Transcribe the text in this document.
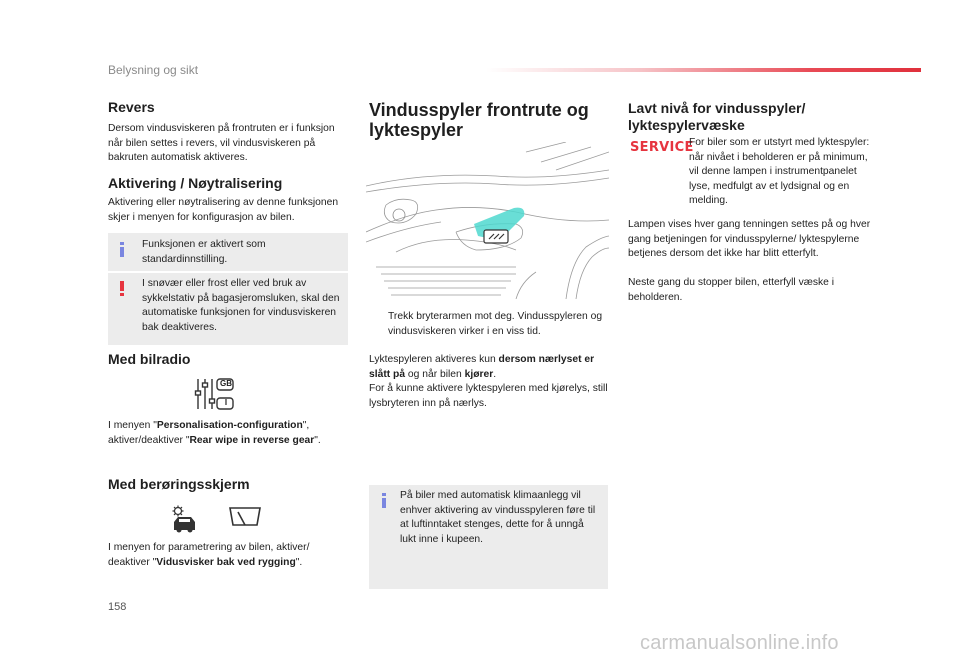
Belysning og sikt
Revers

Dersom vindusviskeren på frontruten er i funksjon når bilen settes i revers, vil vindusviskeren på bakruten automatisk aktiveres.

Aktivering / Nøytralisering

Aktivering eller nøytralisering av denne funksjonen skjer i menyen for konfigurasjon av bilen.

Funksjonen er aktivert som standardinnstilling.

I snøvær eller frost eller ved bruk av sykkelstativ på bagasjeromsluken, skal den automatiske funksjonen for vindusviskeren bak deaktiveres.

Med bilradio
GB
I

I menyen "Personalisation-configuration", aktiver/deaktiver "Rear wipe in reverse gear".

Med berøringsskjerm

I menyen for parametrering av bilen, aktiver/ deaktiver "Vidusvisker bak ved rygging".

Vindusspyler frontrute og lyktespyler

Trekk bryterarmen mot deg. Vindusspyleren og vindusviskeren virker i en viss tid.

Lyktespyleren aktiveres kun dersom nærlyset er slått på og når bilen kjører.
For å kunne aktivere lyktespyleren med kjørelys, still lysbryteren inn på nærlys.

På biler med automatisk klimaanlegg vil enhver aktivering av vindusspyleren føre til at luftinntaket stenges, dette for å unngå lukt inne i kupeen.

Lavt nivå for vindusspyler/ lyktespylervæske
SERVICE

For biler som er utstyrt med lyktespyler: når nivået i beholderen er på minimum, vil denne lampen i instrumentpanelet lyse, medfulgt av et lydsignal og en melding.

Lampen vises hver gang tenningen settes på og hver gang betjeningen for vindusspylerne/ lyktespylerne betjenes dersom det ikke har blitt etterfylt.

Neste gang du stopper bilen, etterfyll væske i beholderen.

158
carmanualsonline.info
